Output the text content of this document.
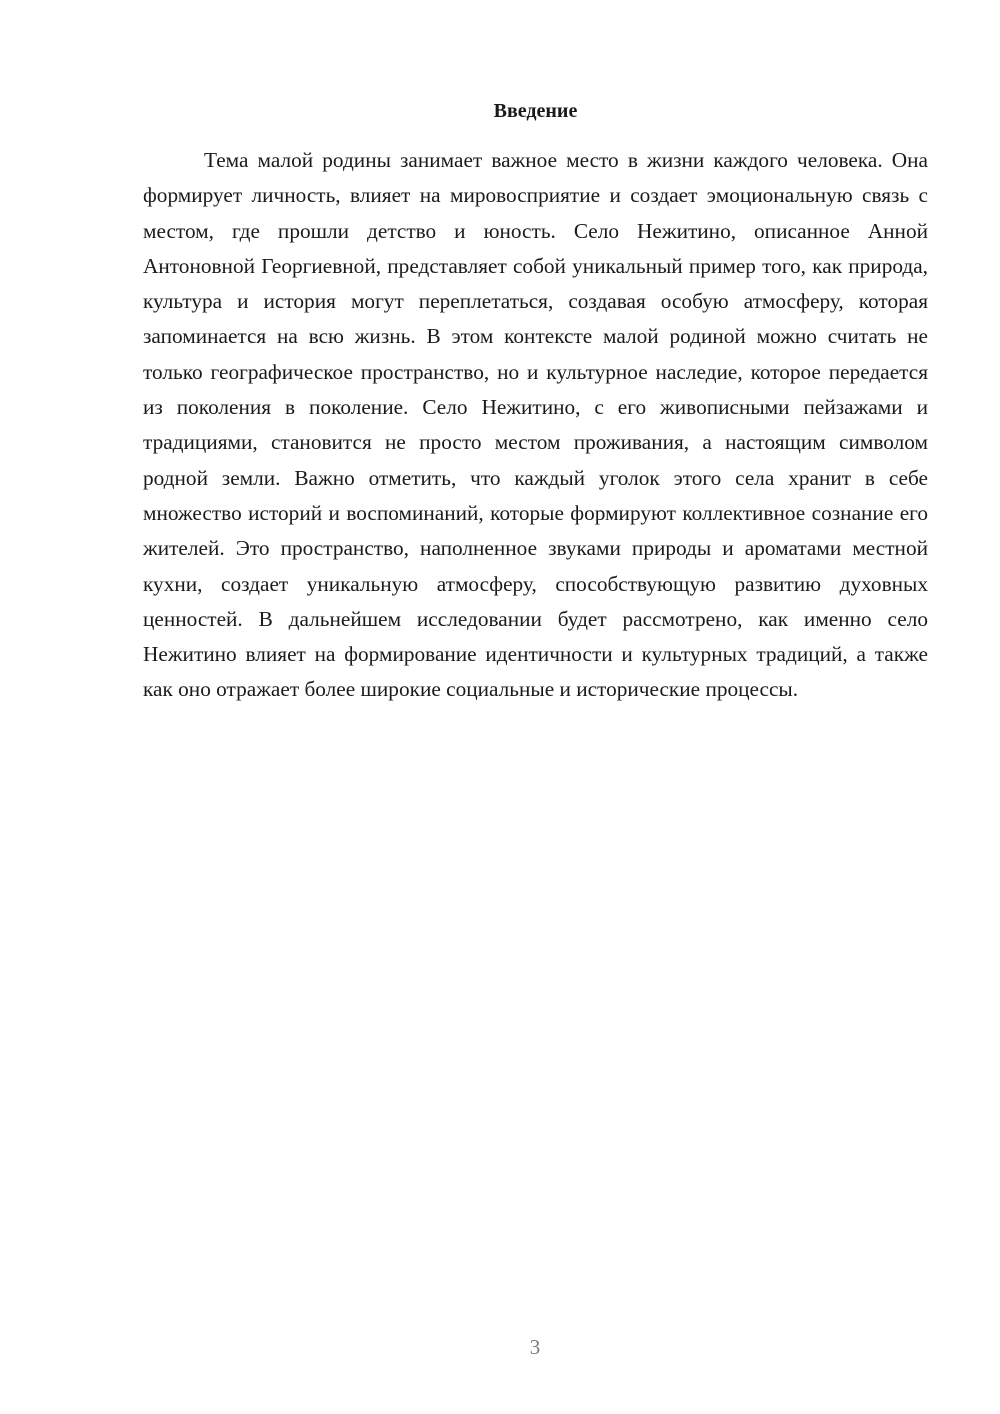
Введение

Тема малой родины занимает важное место в жизни каждого человека. Она формирует личность, влияет на мировосприятие и создает эмоциональную связь с местом, где прошли детство и юность. Село Нежитино, описанное Анной Антоновной Георгиевной, представляет собой уникальный пример того, как природа, культура и история могут переплетаться, создавая особую атмосферу, которая запоминается на всю жизнь. В этом контексте малой родиной можно считать не только географическое пространство, но и культурное наследие, которое передается из поколения в поколение. Село Нежитино, с его живописными пейзажами и традициями, становится не просто местом проживания, а настоящим символом родной земли. Важно отметить, что каждый уголок этого села хранит в себе множество историй и воспоминаний, которые формируют коллективное сознание его жителей. Это пространство, наполненное звуками природы и ароматами местной кухни, создает уникальную атмосферу, способствующую развитию духовных ценностей. В дальнейшем исследовании будет рассмотрено, как именно село Нежитино влияет на формирование идентичности и культурных традиций, а также как оно отражает более широкие социальные и исторические процессы.

3
